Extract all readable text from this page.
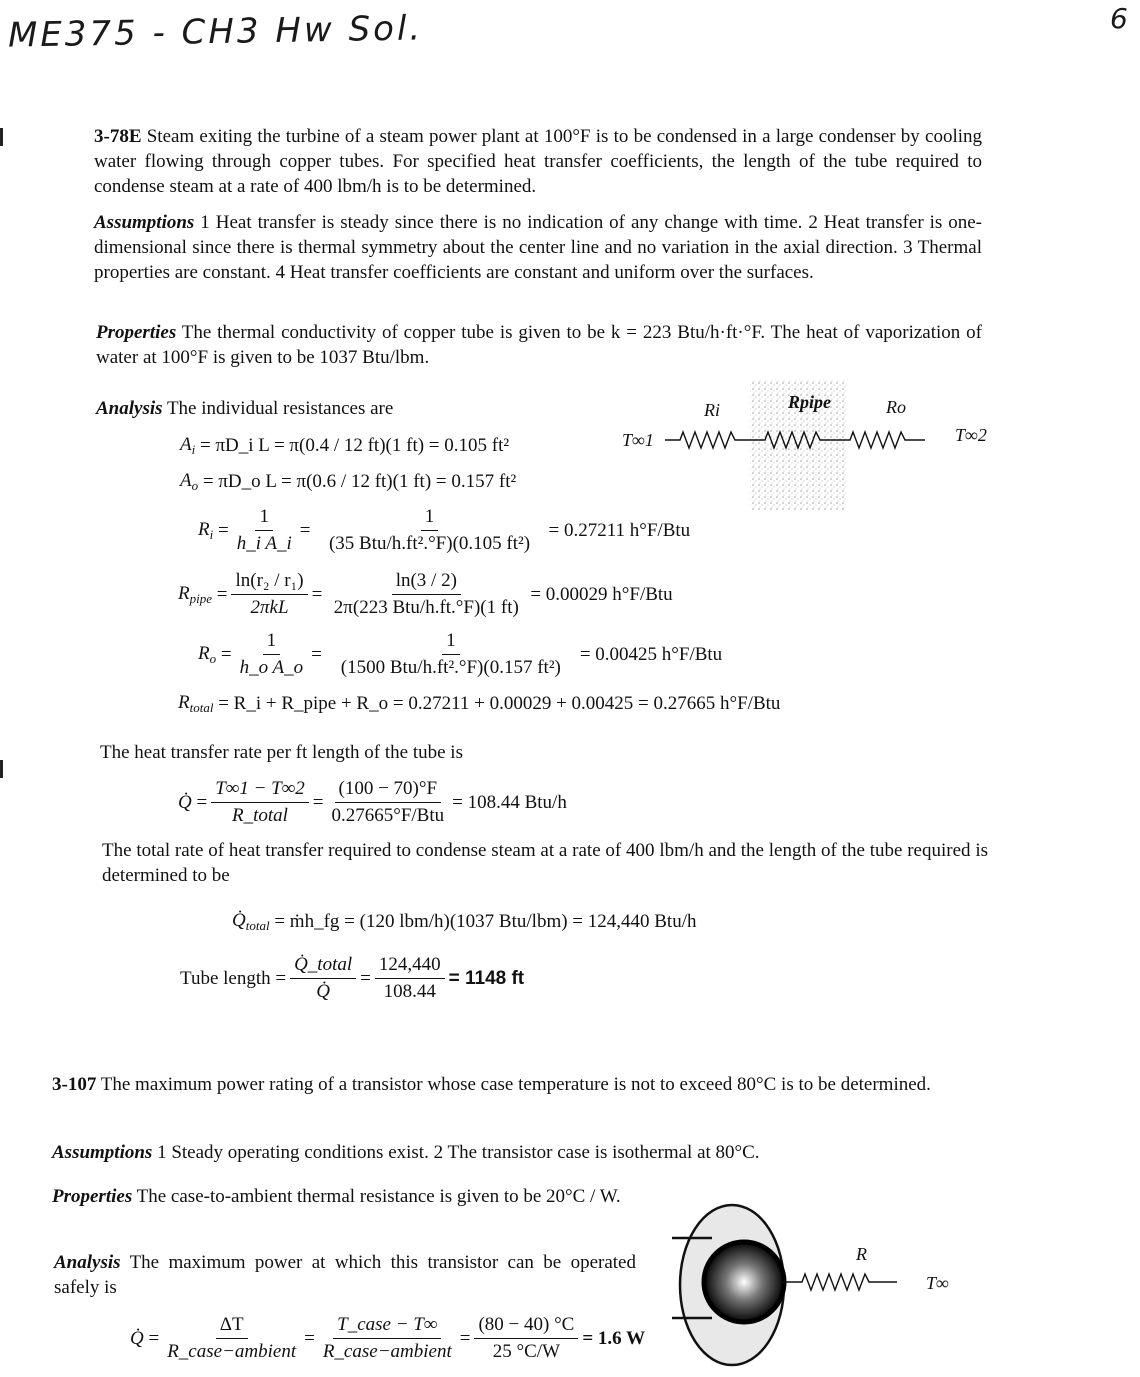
ME375 - CH3 Hw Sol.	6
3-78E Steam exiting the turbine of a steam power plant at 100°F is to be condensed in a large condenser by cooling water flowing through copper tubes. For specified heat transfer coefficients, the length of the tube required to condense steam at a rate of 400 lbm/h is to be determined.
Assumptions 1 Heat transfer is steady since there is no indication of any change with time. 2 Heat transfer is one-dimensional since there is thermal symmetry about the center line and no variation in the axial direction. 3 Thermal properties are constant. 4 Heat transfer coefficients are constant and uniform over the surfaces.
Properties The thermal conductivity of copper tube is given to be k = 223 Btu/h·ft·°F. The heat of vaporization of water at 100°F is given to be 1037 Btu/lbm.
Analysis The individual resistances are	Ri	Rpipe	Ro
T∞1	T∞2
$A_i$
= πD_i L = π(0.4 / 12 ft)(1 ft) = 0.105 ft²
$A_o$
= πD_o L = π(0.6 / 12 ft)(1 ft) = 0.157 ft²
$R_i = \frac{1}{\text{h\_i A\_i}} = \frac{1}{\text{(35 Btu/h.ft².°F)(0.105 ft²)}} = 0.27211$ h°F/Btu
$R_{pipe} = \frac{\text{ln(r₂ / r₁)}}{\text{2πkL}} = \frac{\ln(3 / 2)}{\text{2π(223 Btu/h.ft.°F)(1 ft)}} = 0.00029$ h°F/Btu
$R_o = \frac{1}{\text{h\_o A\_o}} = \frac{1}{\text{(1500 Btu/h.ft².°F)(0.157 ft²)}} = 0.00425$ h°F/Btu
$R_{total}$
= R_i + R_pipe + R_o = 0.27211 + 0.00029 + 0.00425 = 0.27665 h°F/Btu
The heat transfer rate per ft length of the tube is
Q̇ = $\frac{T\infty 1 - T\infty 2}{\text{R\_total}} = \frac{(100 - 70)^\circ F}{\text{0.27665°F/Btu}} = 108.44$ Btu/h
The total rate of heat transfer required to condense steam at a rate of 400 lbm/h and the length of the tube required is determined to be
$Q̇_{total}$
= ṁh_fg = (120 lbm/h)(1037 Btu/lbm) = 124,440 Btu/h
Tube length = $\frac{\text{Q̇\_total}}{Q̇} = \frac{124,440}{108.44} = 1148$ ft
3-107 The maximum power rating of a transistor whose case temperature is not to exceed 80°C is to be determined.
Assumptions 1 Steady operating conditions exist. 2 The transistor case is isothermal at 80°C.
Properties The case-to-ambient thermal resistance is given to be 20°C / W.
Analysis The maximum power at which this transistor can be operated safely is
R
T∞
Q̇ = $\frac{\Delta T}{\text{R\_case−ambient}} = \frac{\text{T\_case − T∞}}{\text{R\_case−ambient}} = \frac{(80 - 40) ^\circ C}{25 ^\circ C/W} = 1.6$ W
